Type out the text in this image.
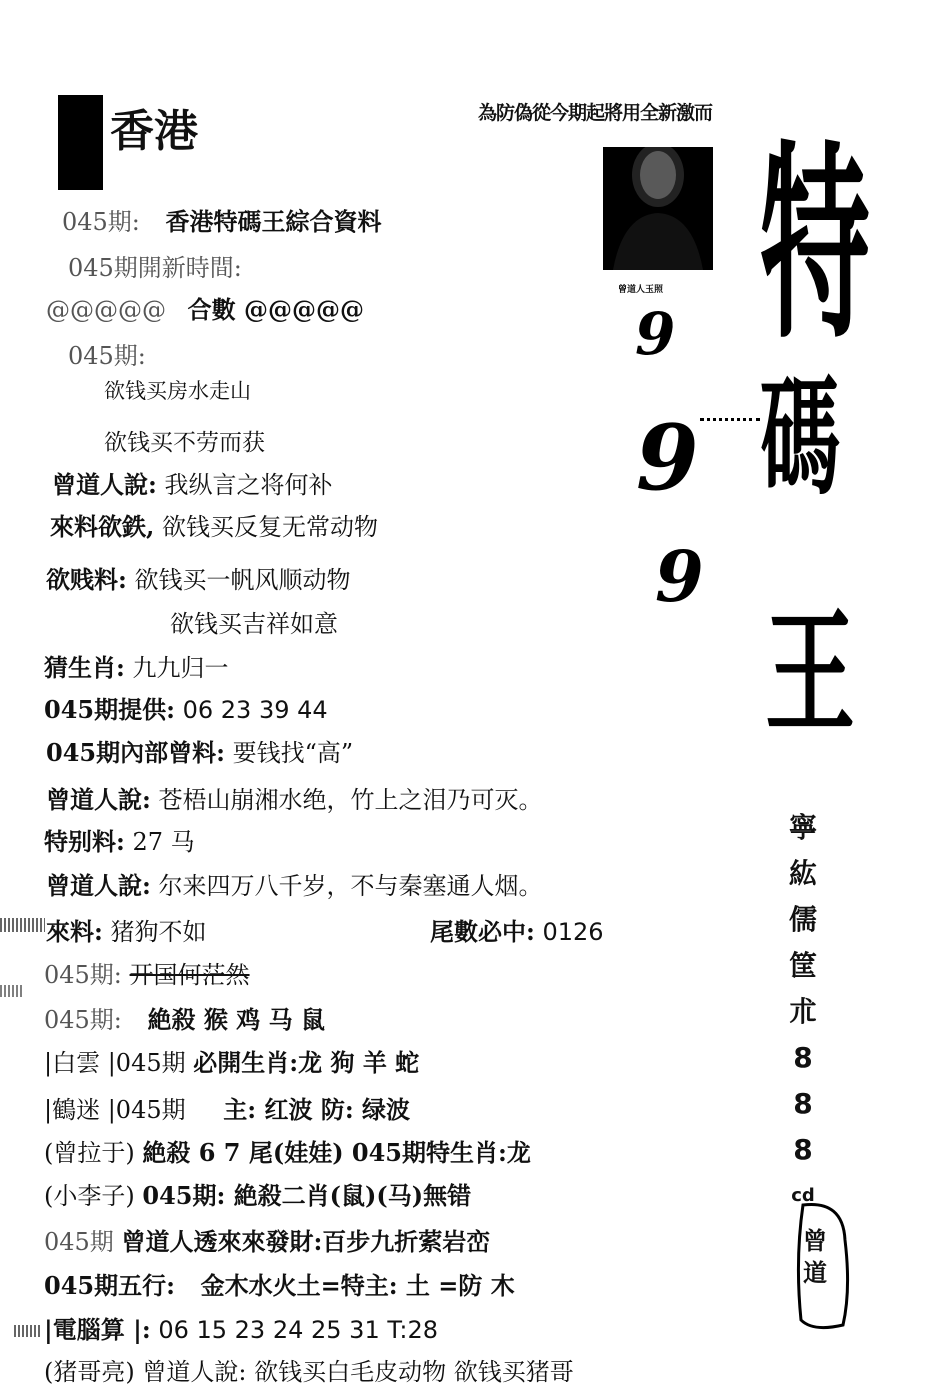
香港	為防偽從今期起將用全新激而
曾道人玉照 特
碼
王
9
9
9
寧
紘
儒
筐
朮
8
8
8
cd
曾道
045期: 香港特碼王綜合資料
045期開新時間:
@@@@@ 合數 @@@@@
045期:
欲钱买房水走山
欲钱买不劳而获
曾道人說: 我纵言之将何补
來料欲鉄, 欲钱买反复无常动物
欲贱料: 欲钱买一帆风顺动物
欲钱买吉祥如意
猜生肖: 九九归一
045期提供: 06 23 39 44
045期內部曾料: 要钱找“高”
曾道人說: 苍梧山崩湘水绝，竹上之泪乃可灭。
特别料: 27 马
曾道人說: 尔来四万八千岁，不与秦塞通人烟。
來料: 猪狗不如	尾數必中: 0126
045期: 开国何茫然
045期: 絶殺 猴 鸡 马 鼠
|白雲 |045期 必開生肖:龙 狗 羊 蛇
|鶴迷 |045期 主: 红波 防: 绿波
(曾拉于) 絶殺 6 7 尾(娃娃) 045期特生肖:龙
(小李子) 045期: 絶殺二肖(鼠)(马)無错
045期 曾道人透來來發財:百步九折萦岩峦
045期五行: 金木水火土=特主: 土 =防 木
|電腦算 |: 06 15 23 24 25 31 T:28
(猪哥亮) 曾道人說: 欲钱买白毛皮动物 欲钱买猪哥
